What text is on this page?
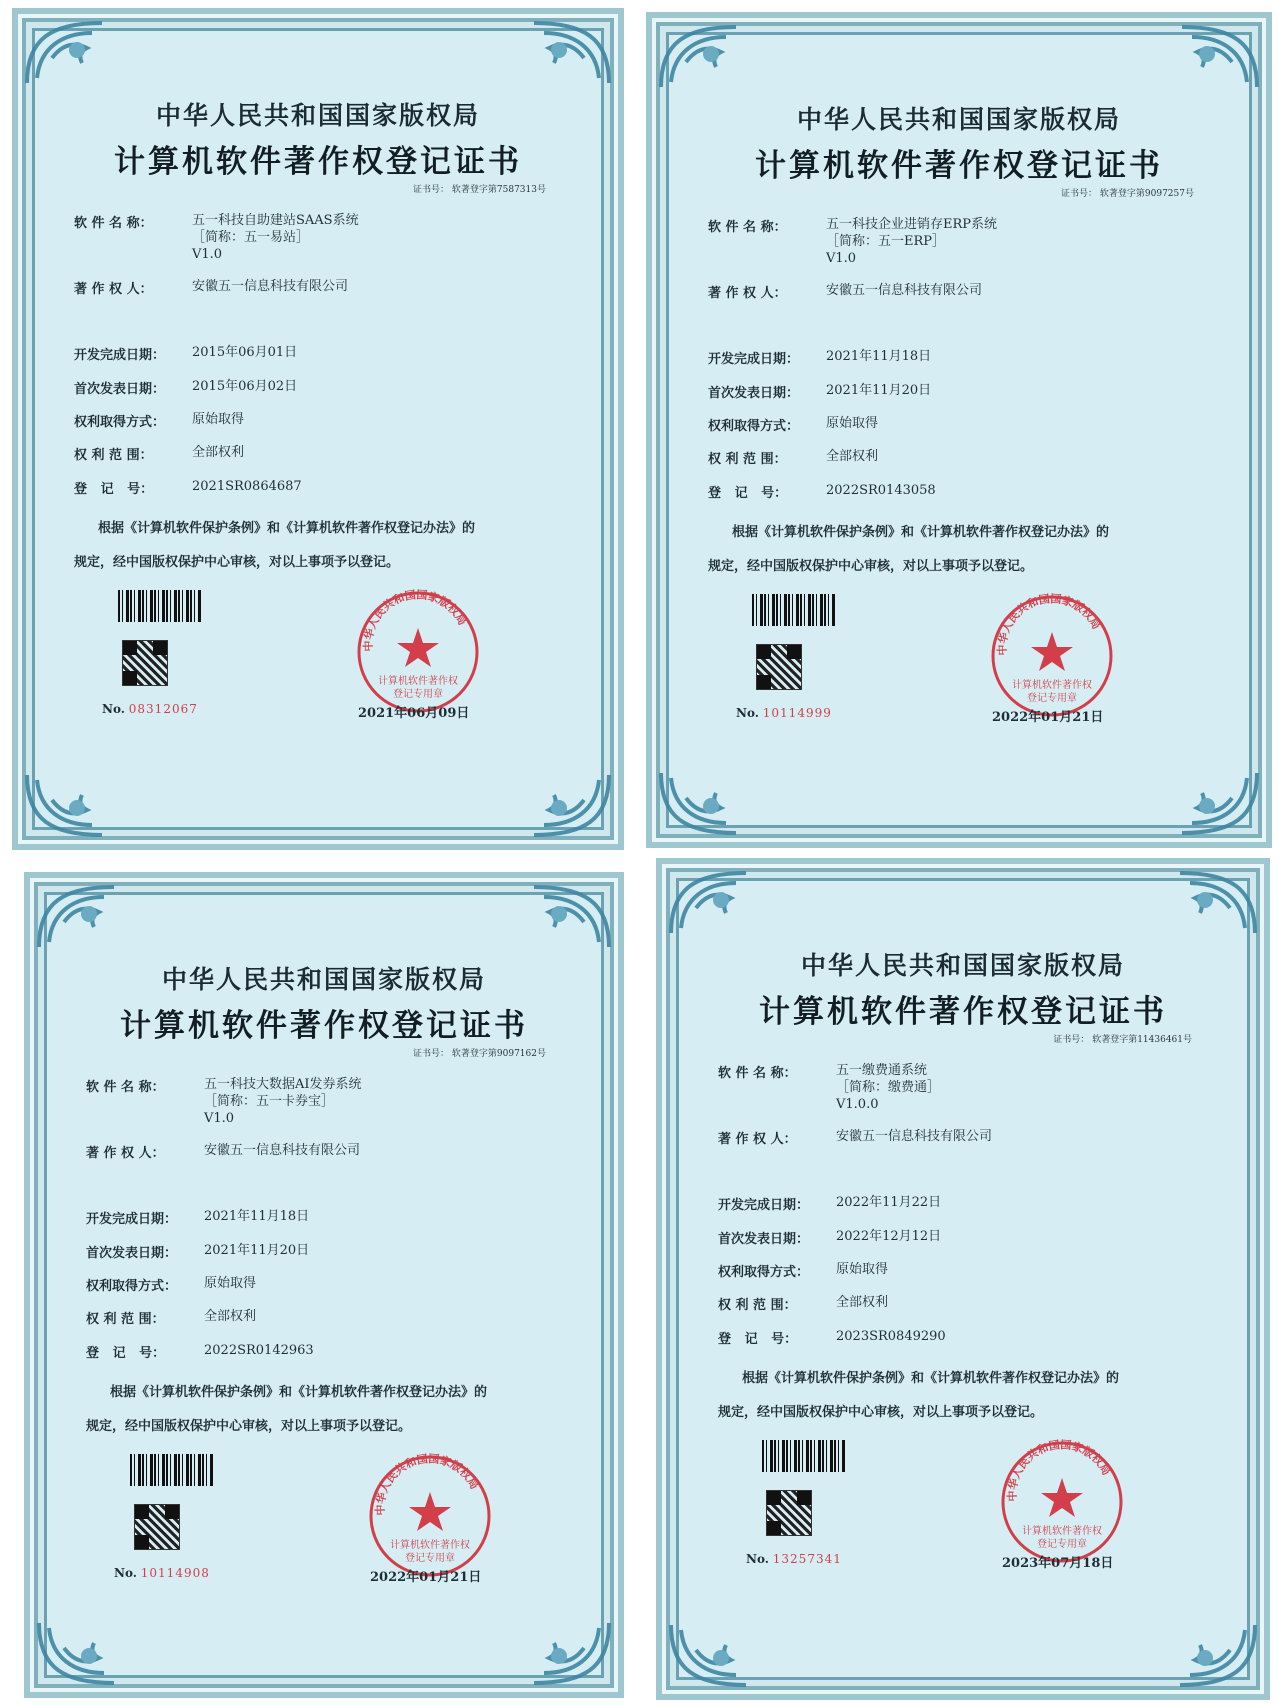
中华人民共和国国家版权局
计算机软件著作权登记证书
证书号： 软著登字第7587313号
软 件 名 称：	五一科技自助建站SAAS系统
［简称：五一易站］
V1.0
著 作 权 人：	安徽五一信息科技有限公司
开发完成日期： 2015年06月01日
首次发表日期： 2015年06月02日
权利取得方式： 原始取得
权 利 范 围：	全部权利
登   记   号：	2021SR0864687
根据《计算机软件保护条例》和《计算机软件著作权登记办法》的
规定，经中国版权保护中心审核，对以上事项予以登记。
No. 08312067
中华人民共和国国家版权局
计算机软件著作权
登记专用章
2021年06月09日
中华人民共和国国家版权局
计算机软件著作权登记证书
证书号： 软著登字第9097257号
软 件 名 称：	五一科技企业进销存ERP系统
［简称：五一ERP］
V1.0
著 作 权 人：	安徽五一信息科技有限公司
开发完成日期： 2021年11月18日
首次发表日期： 2021年11月20日
权利取得方式： 原始取得
权 利 范 围：	全部权利
登   记   号：	2022SR0143058
根据《计算机软件保护条例》和《计算机软件著作权登记办法》的
规定，经中国版权保护中心审核，对以上事项予以登记。
No. 10114999
中华人民共和国国家版权局
计算机软件著作权
登记专用章
2022年01月21日
中华人民共和国国家版权局
计算机软件著作权登记证书
证书号： 软著登字第9097162号
软 件 名 称：	五一科技大数据AI发券系统
［简称：五一卡券宝］
V1.0
著 作 权 人：	安徽五一信息科技有限公司
开发完成日期： 2021年11月18日
首次发表日期： 2021年11月20日
权利取得方式： 原始取得
权 利 范 围：	全部权利
登   记   号：	2022SR0142963
根据《计算机软件保护条例》和《计算机软件著作权登记办法》的
规定，经中国版权保护中心审核，对以上事项予以登记。
No. 10114908
中华人民共和国国家版权局
计算机软件著作权
登记专用章
2022年01月21日
中华人民共和国国家版权局
计算机软件著作权登记证书
证书号： 软著登字第11436461号
软 件 名 称：	五一缴费通系统
［简称：缴费通］
V1.0.0
著 作 权 人：	安徽五一信息科技有限公司
开发完成日期： 2022年11月22日
首次发表日期： 2022年12月12日
权利取得方式： 原始取得
权 利 范 围：	全部权利
登   记   号：	2023SR0849290
根据《计算机软件保护条例》和《计算机软件著作权登记办法》的
规定，经中国版权保护中心审核，对以上事项予以登记。
No. 13257341
中华人民共和国国家版权局
计算机软件著作权
登记专用章
2023年07月18日
